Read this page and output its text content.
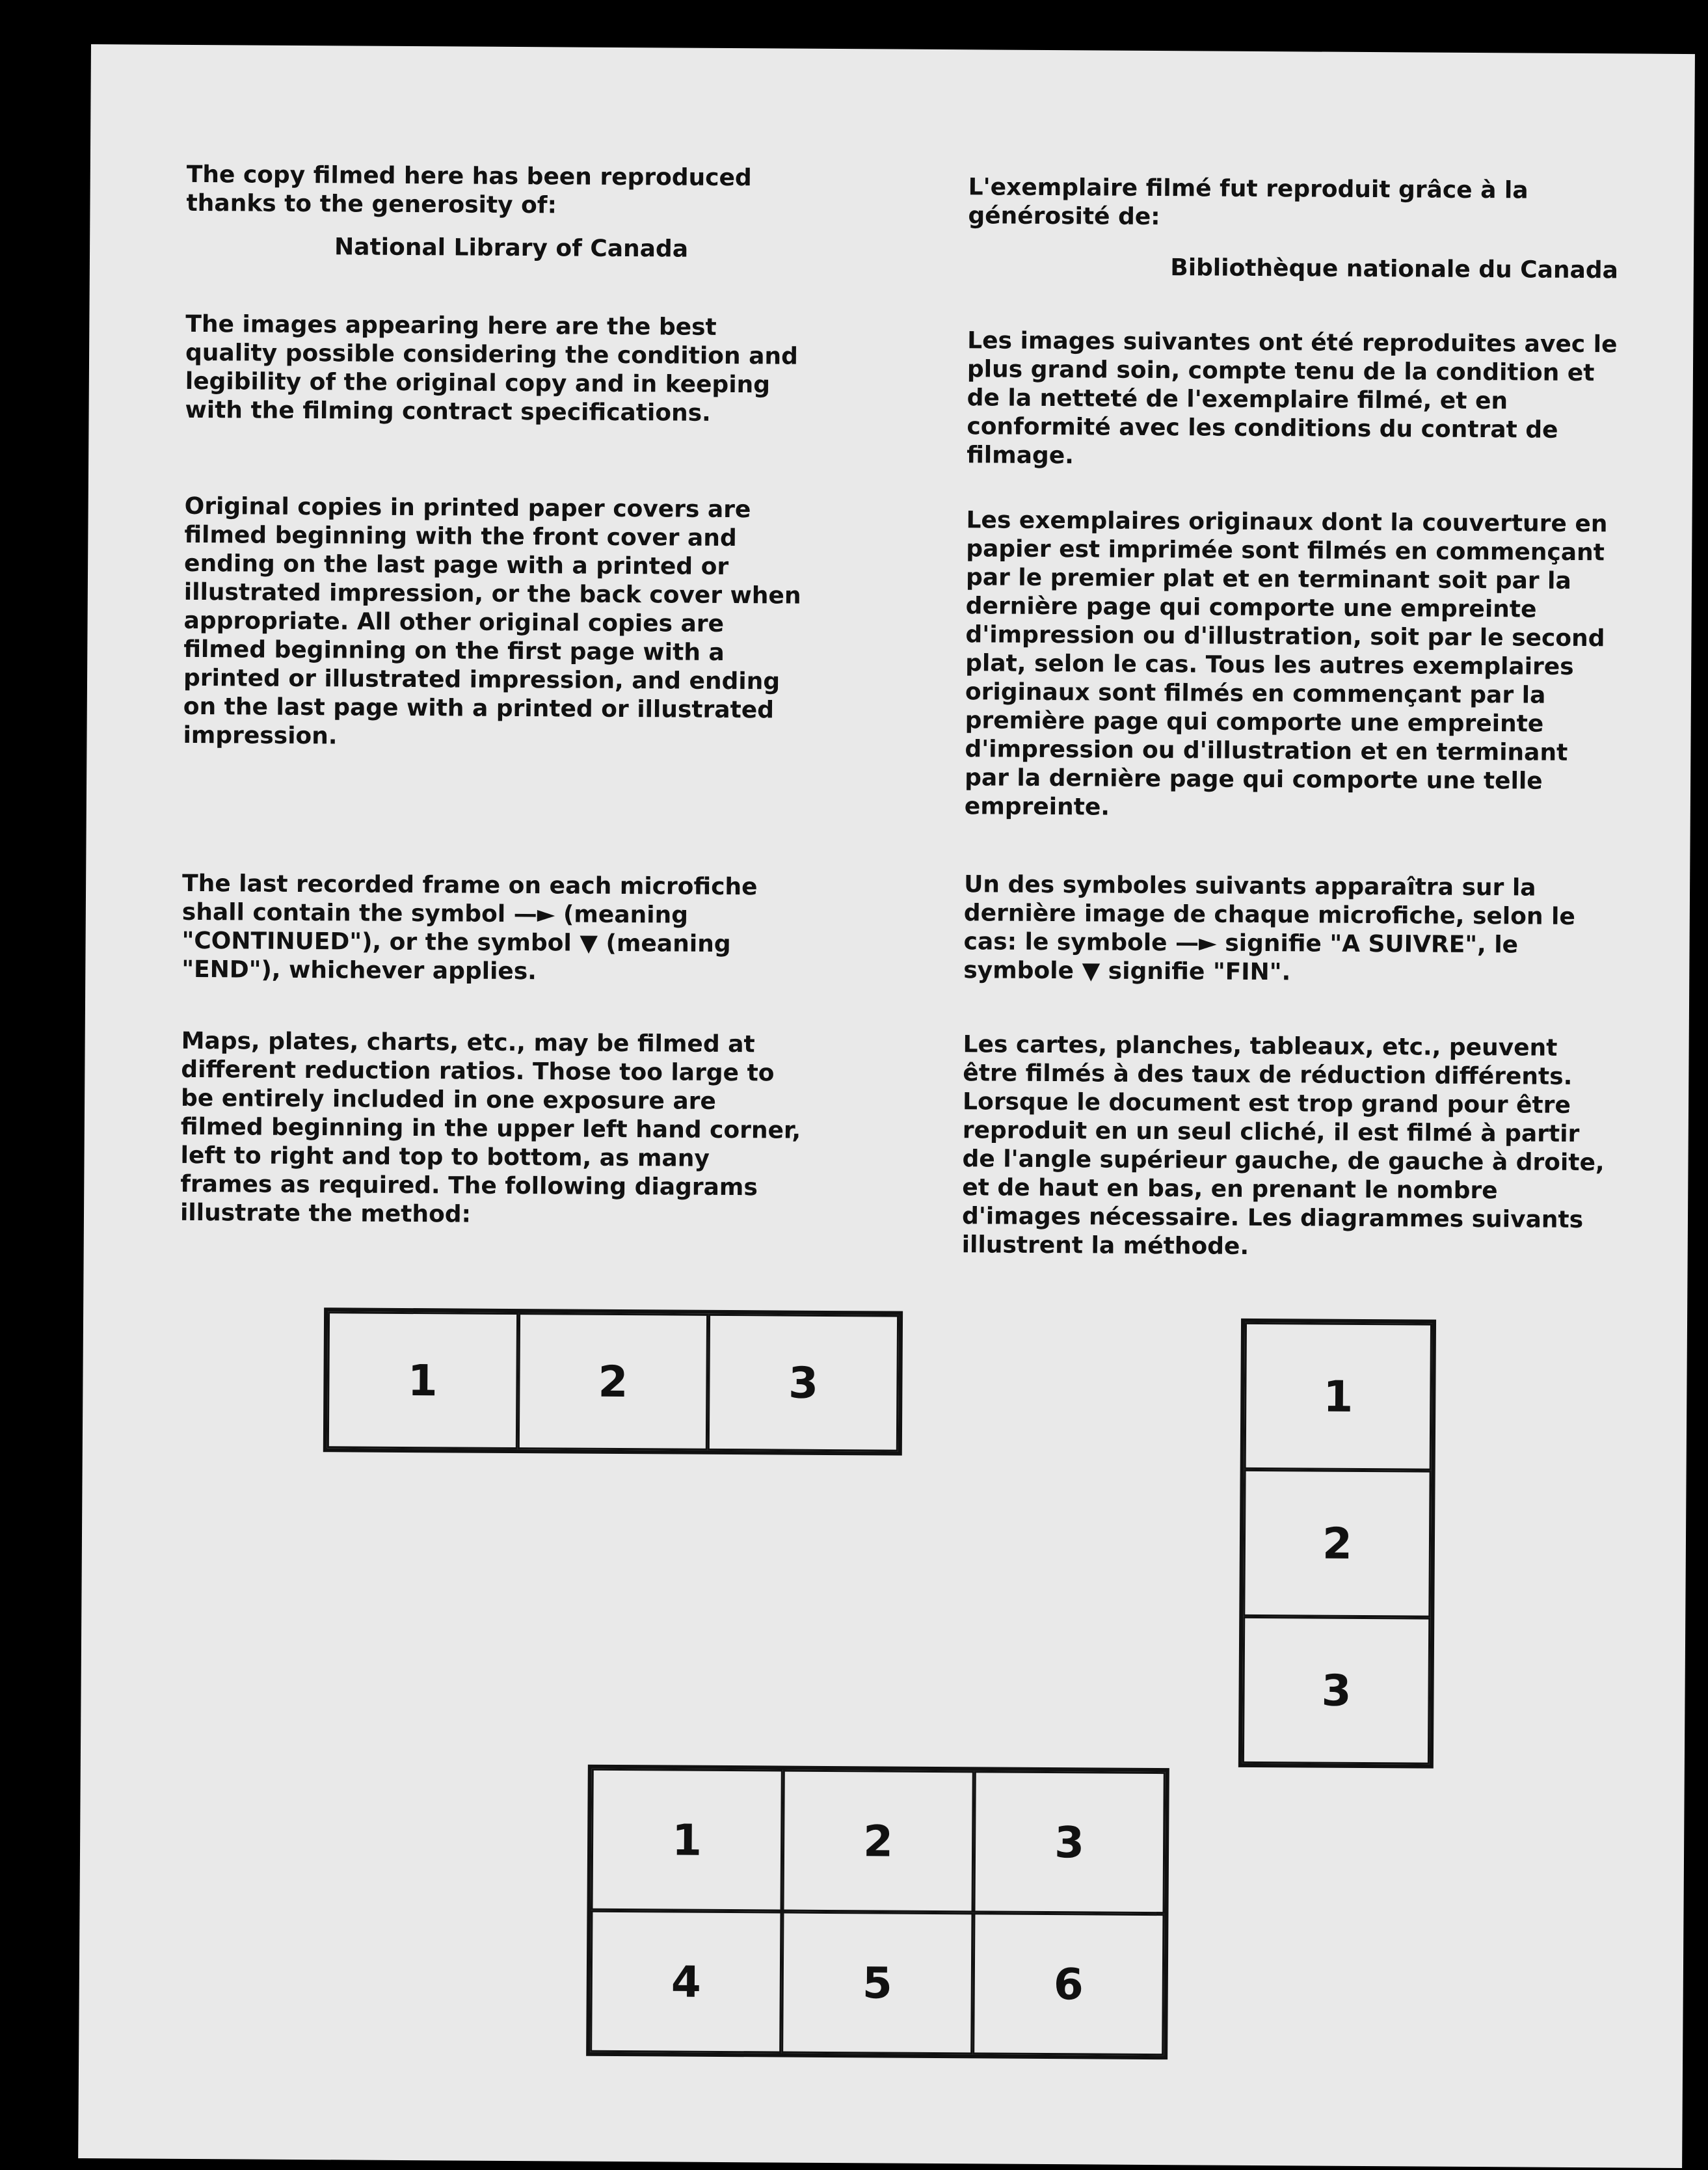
The copy filmed here has been reproduced thanks to the generosity of:

National Library of Canada

The images appearing here are the best quality possible considering the condition and legibility of the original copy and in keeping with the filming contract specifications.

Original copies in printed paper covers are filmed beginning with the front cover and ending on the last page with a printed or illustrated impression, or the back cover when appropriate. All other original copies are filmed beginning on the first page with a printed or illustrated impression, and ending on the last page with a printed or illustrated impression.

The last recorded frame on each microfiche shall contain the symbol —► (meaning "CONTINUED"), or the symbol ▼ (meaning "END"), whichever applies.

Maps, plates, charts, etc., may be filmed at different reduction ratios. Those too large to be entirely included in one exposure are filmed beginning in the upper left hand corner, left to right and top to bottom, as many frames as required. The following diagrams illustrate the method:

L'exemplaire filmé fut reproduit grâce à la générosité de:

Bibliothèque nationale du Canada

Les images suivantes ont été reproduites avec le plus grand soin, compte tenu de la condition et de la netteté de l'exemplaire filmé, et en conformité avec les conditions du contrat de filmage.

Les exemplaires originaux dont la couverture en papier est imprimée sont filmés en commençant par le premier plat et en terminant soit par la dernière page qui comporte une empreinte d'impression ou d'illustration, soit par le second plat, selon le cas. Tous les autres exemplaires originaux sont filmés en commençant par la première page qui comporte une empreinte d'impression ou d'illustration et en terminant par la dernière page qui comporte une telle empreinte.

Un des symboles suivants apparaîtra sur la dernière image de chaque microfiche, selon le cas: le symbole —► signifie "A SUIVRE", le symbole ▼ signifie "FIN".

Les cartes, planches, tableaux, etc., peuvent être filmés à des taux de réduction différents. Lorsque le document est trop grand pour être reproduit en un seul cliché, il est filmé à partir de l'angle supérieur gauche, de gauche à droite, et de haut en bas, en prenant le nombre d'images nécessaire. Les diagrammes suivants illustrent la méthode.

1	2	3	1
2
3
1	2	3
4	5	6
